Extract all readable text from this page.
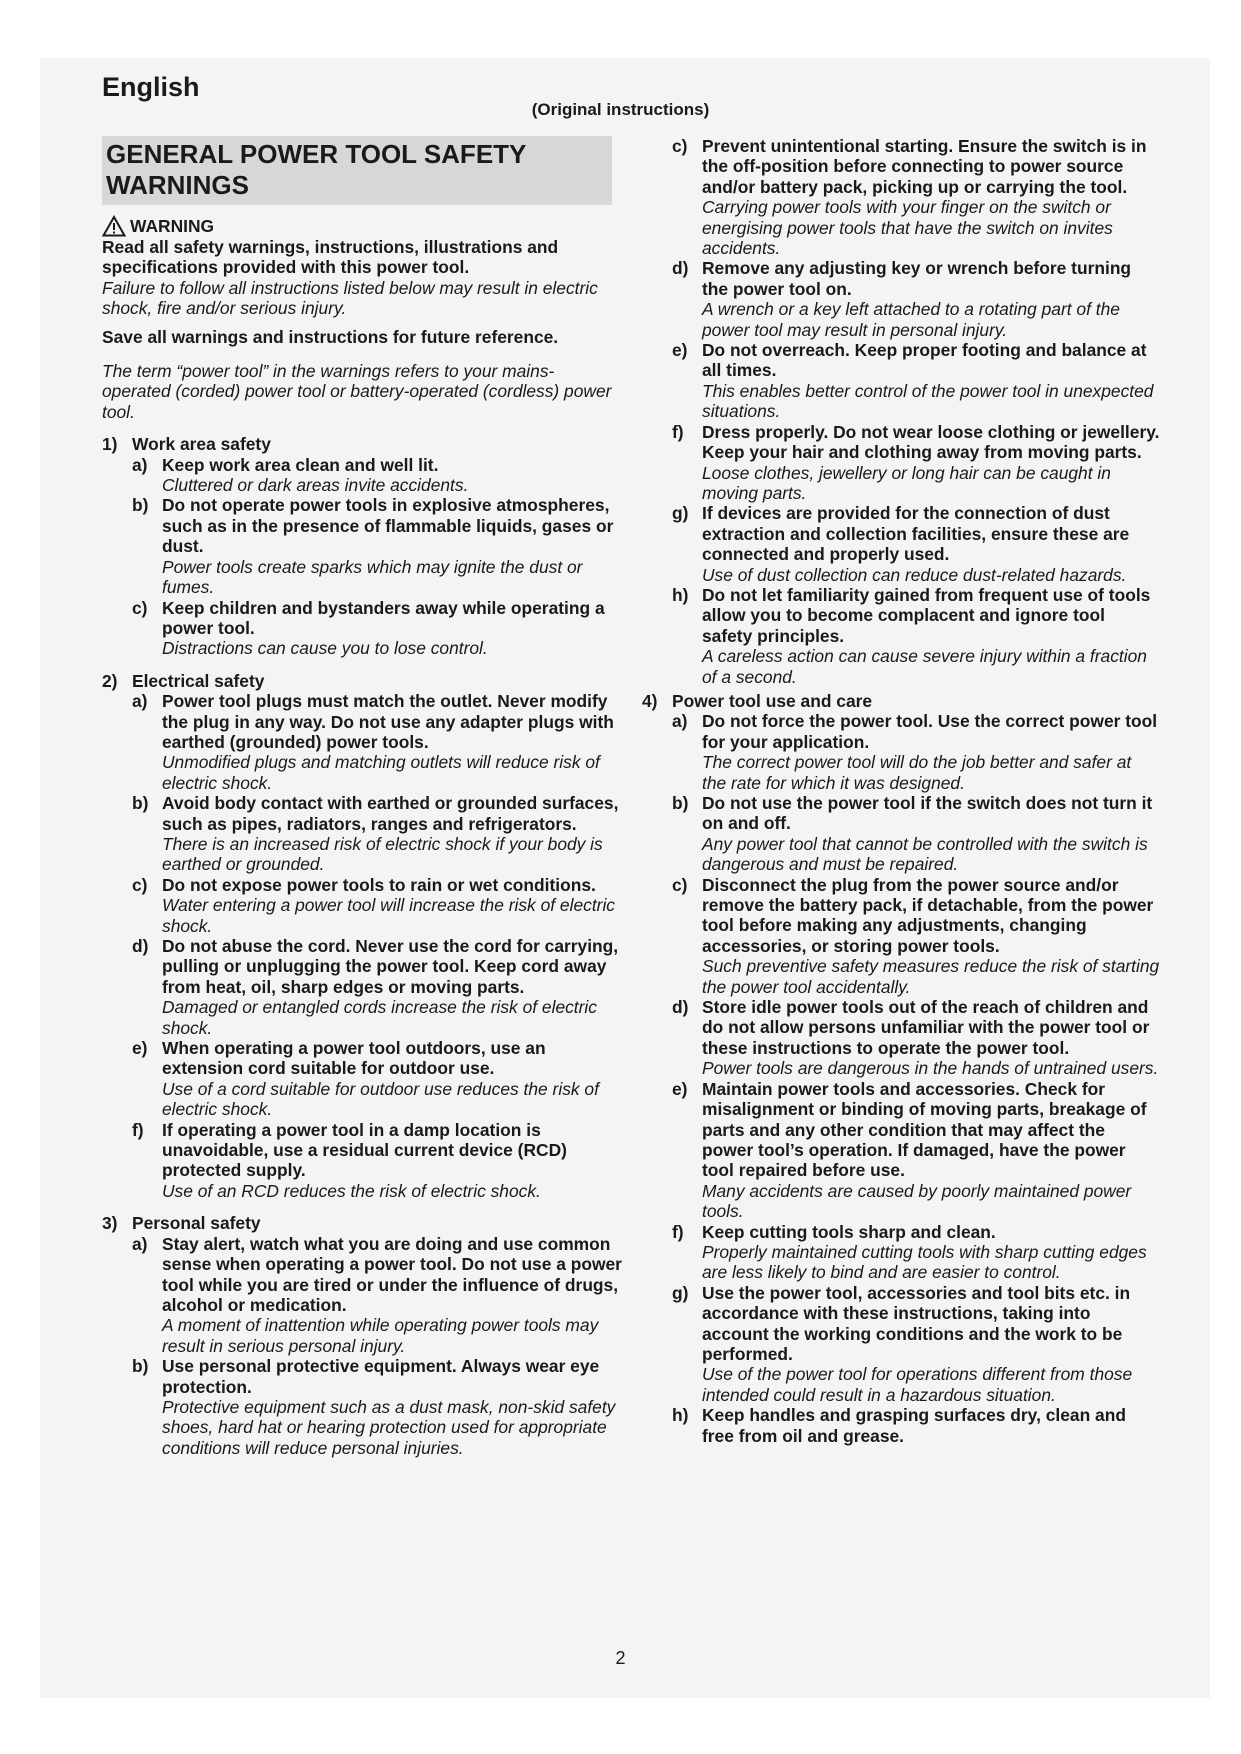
English
(Original instructions)
GENERAL POWER TOOL SAFETY WARNINGS
WARNING

Read all safety warnings, instructions, illustrations and specifications provided with this power tool.

Failure to follow all instructions listed below may result in electric shock, fire and/or serious injury.

Save all warnings and instructions for future reference.

The term “power tool” in the warnings refers to your mains-operated (corded) power tool or battery-operated (cordless) power tool.

1) Work area safety
a) Keep work area clean and well lit.

Cluttered or dark areas invite accidents.

b) Do not operate power tools in explosive atmospheres, such as in the presence of flammable liquids, gases or dust.

Power tools create sparks which may ignite the dust or fumes.

c) Keep children and bystanders away while operating a power tool.

Distractions can cause you to lose control.

2) Electrical safety
a) Power tool plugs must match the outlet. Never modify the plug in any way. Do not use any adapter plugs with earthed (grounded) power tools.

Unmodified plugs and matching outlets will reduce risk of electric shock.

b) Avoid body contact with earthed or grounded surfaces, such as pipes, radiators, ranges and refrigerators.

There is an increased risk of electric shock if your body is earthed or grounded.

c) Do not expose power tools to rain or wet conditions.

Water entering a power tool will increase the risk of electric shock.

d) Do not abuse the cord. Never use the cord for carrying, pulling or unplugging the power tool. Keep cord away from heat, oil, sharp edges or moving parts.

Damaged or entangled cords increase the risk of electric shock.

e) When operating a power tool outdoors, use an extension cord suitable for outdoor use.

Use of a cord suitable for outdoor use reduces the risk of electric shock.

f)	If operating a power tool in a damp location is unavoidable, use a residual current device (RCD) protected supply.

Use of an RCD reduces the risk of electric shock.

3) Personal safety
a) Stay alert, watch what you are doing and use common sense when operating a power tool. Do not use a power tool while you are tired or under the influence of drugs, alcohol or medication.

A moment of inattention while operating power tools may result in serious personal injury.

b) Use personal protective equipment. Always wear eye protection.

Protective equipment such as a dust mask, non-skid safety shoes, hard hat or hearing protection used for appropriate conditions will reduce personal injuries.

c) Prevent unintentional starting. Ensure the switch is in the off-position before connecting to power source and/or battery pack, picking up or carrying the tool.

Carrying power tools with your finger on the switch or energising power tools that have the switch on invites accidents.

d) Remove any adjusting key or wrench before turning the power tool on.

A wrench or a key left attached to a rotating part of the power tool may result in personal injury.

e) Do not overreach. Keep proper footing and balance at all times.

This enables better control of the power tool in unexpected situations.

f)	Dress properly. Do not wear loose clothing or jewellery. Keep your hair and clothing away from moving parts.

Loose clothes, jewellery or long hair can be caught in moving parts.

g) If devices are provided for the connection of dust extraction and collection facilities, ensure these are connected and properly used.

Use of dust collection can reduce dust-related hazards.

h) Do not let familiarity gained from frequent use of tools allow you to become complacent and ignore tool safety principles.

A careless action can cause severe injury within a fraction of a second.

4) Power tool use and care
a) Do not force the power tool. Use the correct power tool for your application.

The correct power tool will do the job better and safer at the rate for which it was designed.

b) Do not use the power tool if the switch does not turn it on and off.

Any power tool that cannot be controlled with the switch is dangerous and must be repaired.

c) Disconnect the plug from the power source and/or remove the battery pack, if detachable, from the power tool before making any adjustments, changing accessories, or storing power tools.

Such preventive safety measures reduce the risk of starting the power tool accidentally.

d) Store idle power tools out of the reach of children and do not allow persons unfamiliar with the power tool or these instructions to operate the power tool.

Power tools are dangerous in the hands of untrained users.

e) Maintain power tools and accessories. Check for misalignment or binding of moving parts, breakage of parts and any other condition that may affect the power tool’s operation. If damaged, have the power tool repaired before use.

Many accidents are caused by poorly maintained power tools.

f)	Keep cutting tools sharp and clean.

Properly maintained cutting tools with sharp cutting edges are less likely to bind and are easier to control.

g) Use the power tool, accessories and tool bits etc. in accordance with these instructions, taking into account the working conditions and the work to be performed.

Use of the power tool for operations different from those intended could result in a hazardous situation.

h) Keep handles and grasping surfaces dry, clean and free from oil and grease.

2
